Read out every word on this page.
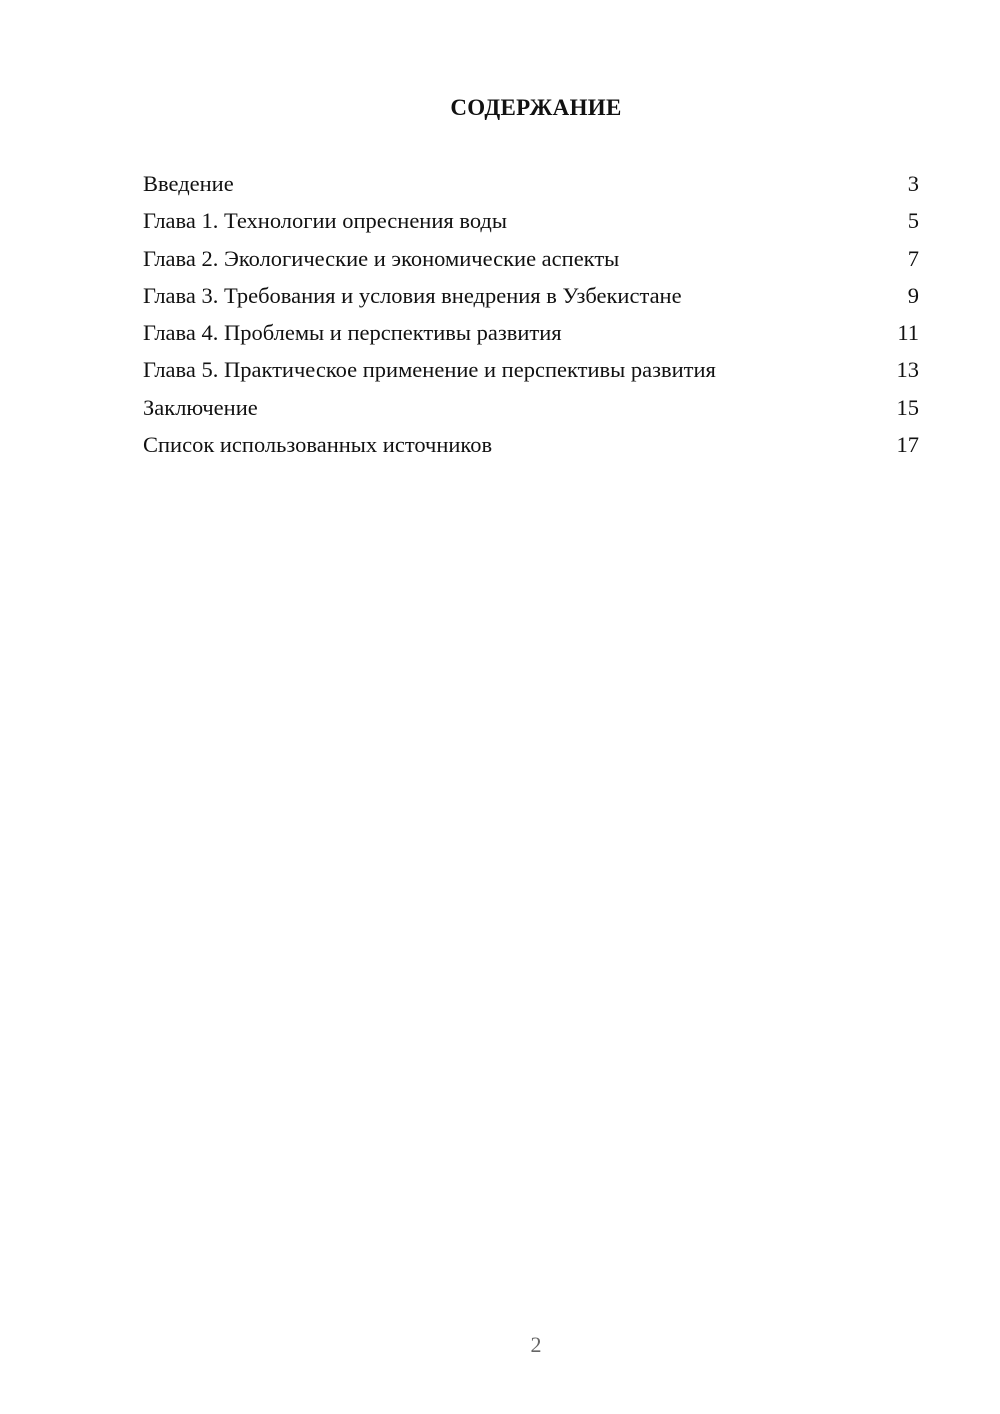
СОДЕРЖАНИЕ
Введение	3
Глава 1. Технологии опреснения воды	5
Глава 2. Экологические и экономические аспекты	7
Глава 3. Требования и условия внедрения в Узбекистане	9
Глава 4. Проблемы и перспективы развития	11
Глава 5. Практическое применение и перспективы развития	13
Заключение	15
Список использованных источников	17
2
